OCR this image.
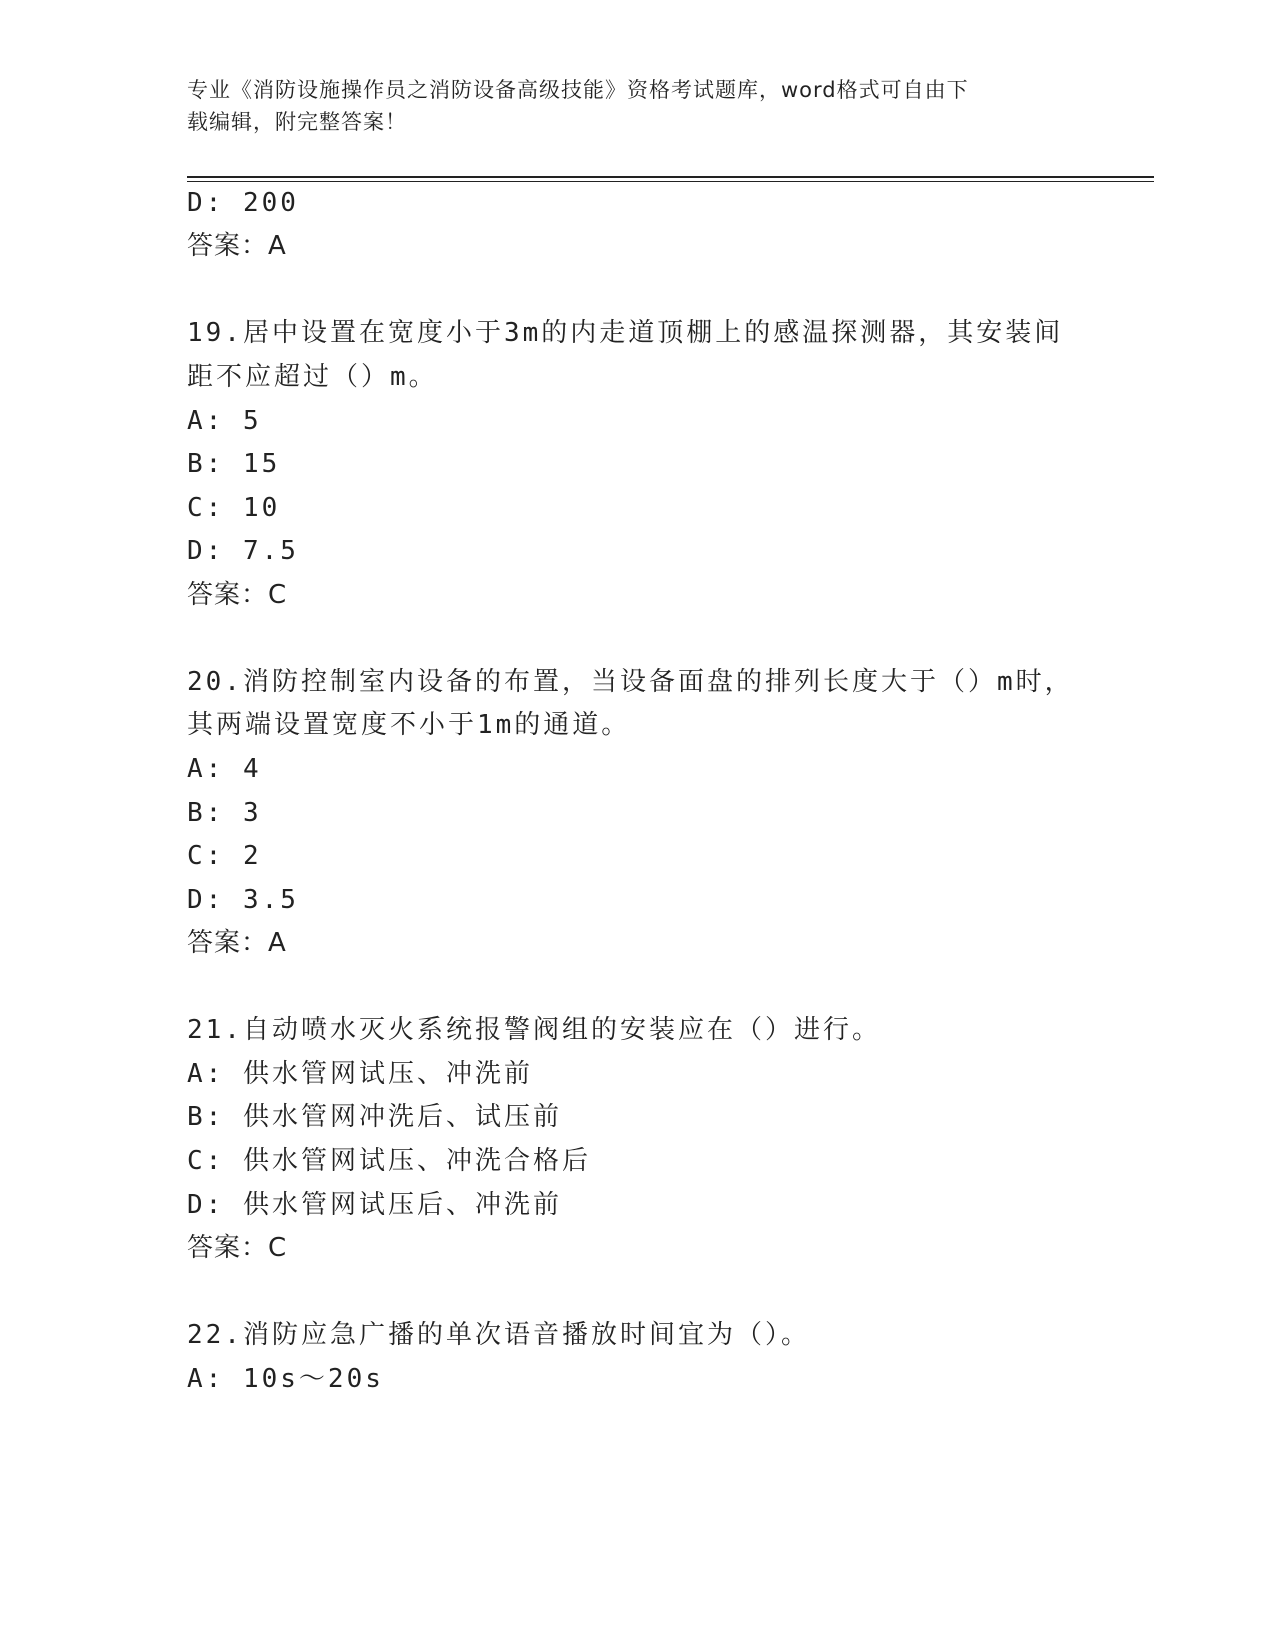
专业《消防设施操作员之消防设备高级技能》资格考试题库，word格式可自由下
载编辑，附完整答案！
D: 200
答案：A
19.居中设置在宽度小于3m的内走道顶棚上的感温探测器，其安装间
距不应超过（）m。
A: 5
B: 15
C: 10
D: 7.5
答案：C
20.消防控制室内设备的布置，当设备面盘的排列长度大于（）m时，
其两端设置宽度不小于1m的通道。
A: 4
B: 3
C: 2
D: 3.5
答案：A
21.自动喷水灭火系统报警阀组的安装应在（）进行。
A: 供水管网试压、冲洗前
B: 供水管网冲洗后、试压前
C: 供水管网试压、冲洗合格后
D: 供水管网试压后、冲洗前
答案：C
22.消防应急广播的单次语音播放时间宜为（）。
A: 10s～20s
